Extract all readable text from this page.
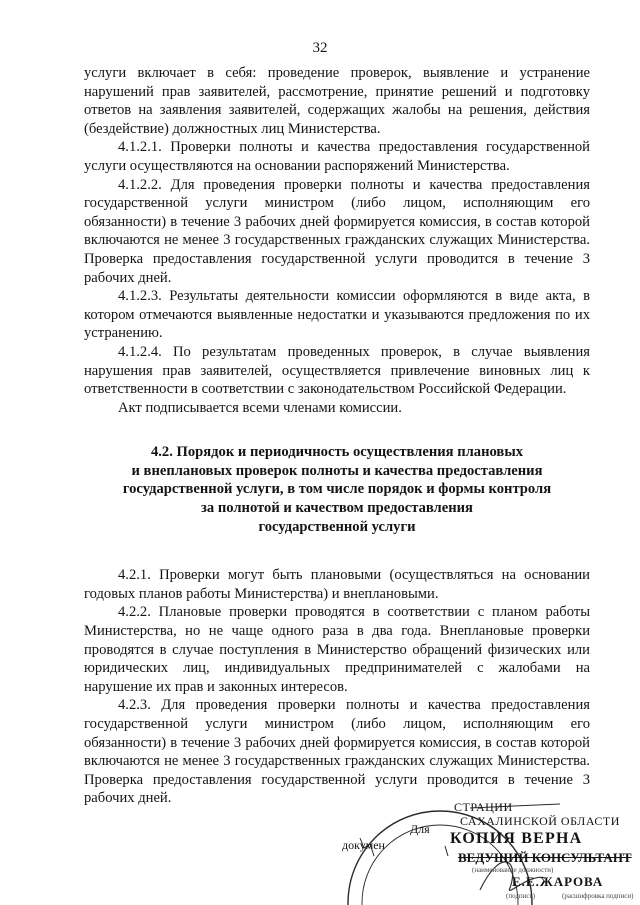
32

услуги включает в себя: проведение проверок, выявление и устранение нарушений прав заявителей, рассмотрение, принятие решений и подготовку ответов на заявления заявителей, содержащих жалобы на решения, действия (бездействие) должностных лиц Министерства.

4.1.2.1. Проверки полноты и качества предоставления государственной услуги осуществляются на основании распоряжений Министерства.

4.1.2.2. Для проведения проверки полноты и качества предоставления государственной услуги министром (либо лицом, исполняющим его обязанности) в течение 3 рабочих дней формируется комиссия, в состав которой включаются не менее 3 государственных гражданских служащих Министерства. Проверка предоставления государственной услуги проводится в течение 3 рабочих дней.

4.1.2.3. Результаты деятельности комиссии оформляются в виде акта, в котором отмечаются выявленные недостатки и указываются предложения по их устранению.

4.1.2.4. По результатам проведенных проверок, в случае выявления нарушения прав заявителей, осуществляется привлечение виновных лиц к ответственности в соответствии с законодательством Российской Федерации.

Акт подписывается всеми членами комиссии.

4.2. Порядок и периодичность осуществления плановых
и внеплановых проверок полноты и качества предоставления
государственной услуги, в том числе порядок и формы контроля
за полнотой и качеством предоставления
государственной услуги

4.2.1. Проверки могут быть плановыми (осуществляться на основании годовых планов работы Министерства) и внеплановыми.

4.2.2. Плановые проверки проводятся в соответствии с планом работы Министерства, но не чаще одного раза в два года. Внеплановые проверки проводятся в случае поступления в Министерство обращений физических или юридических лиц, индивидуальных предпринимателей с жалобами на нарушение их прав и законных интересов.

4.2.3. Для проведения проверки полноты и качества предоставления государственной услуги министром (либо лицом, исполняющим его обязанности) в течение 3 рабочих дней формируется комиссия, в состав которой включаются не менее 3 государственных гражданских служащих Министерства. Проверка предоставления государственной услуги проводится в течение 3 рабочих дней.

СТРАЦИИ
САХАЛИНСКОЙ ОБЛАСТИ
КОПИЯ ВЕРНА
ВЕДУЩИЙ КОНСУЛЬТАНТ
(наименование должности)
Е.Е.ЖАРОВА
(подпись)	(расшифровка подписи)
Для
докумен
